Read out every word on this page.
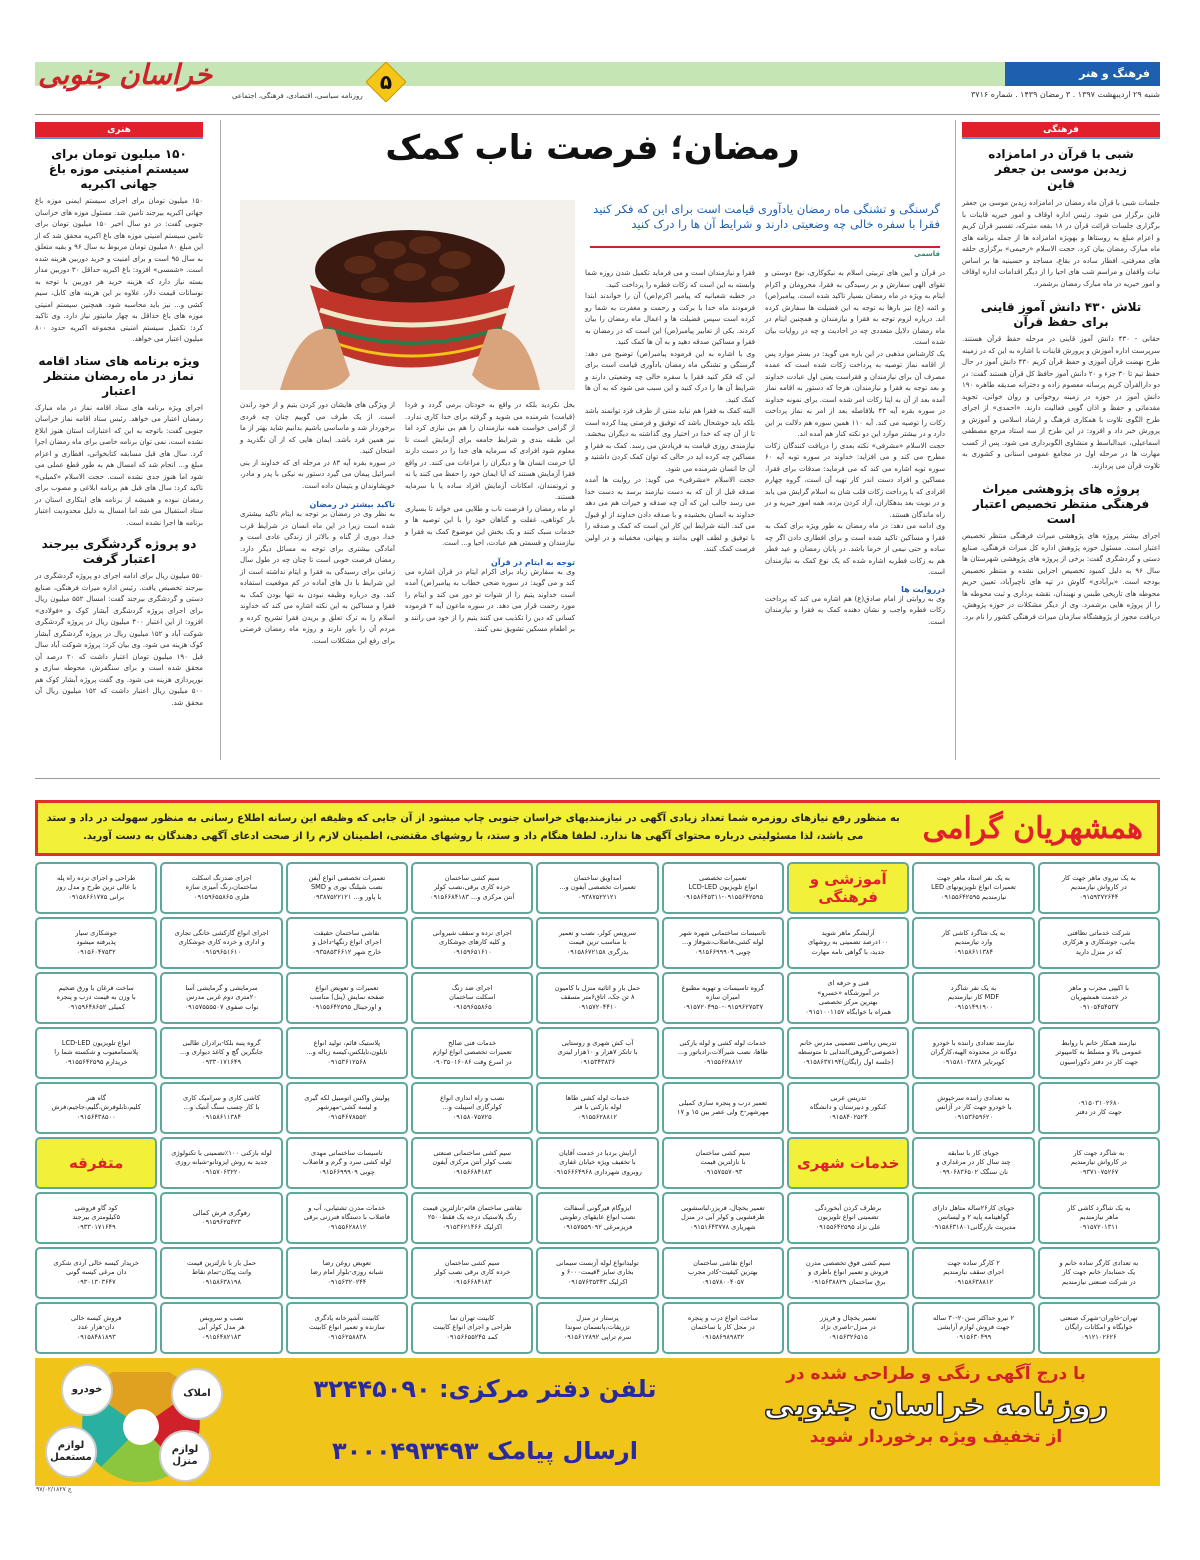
فرهنگ و هنر
شنبه ۲۹ اردیبهشت ۱۳۹۷ . ۳ رمضان ۱۴۳۹ . شماره ۳۷۱۶
خراسان جنوبی
روزنامه سیاسی، اقتصادی، فرهنگی، اجتماعی
۵
فرهنگی
شبی با قرآن در امامزاده زیدبن موسی بن جعفر قاین
جلسات شبی با قرآن ماه رمضان در امامزاده زیدبن موسی بن جعفر قاین برگزار می شود. رئیس اداره اوقاف و امور خیریه قاینات با برگزاری جلسات قرائت قرآن در ۱۸ بقعه متبرکه، تفسیر قرآن کریم و اعزام مبلغ به روستاها و بهویژه امامزاده ها از جمله برنامه های ماه مبارک رمضان بیان کرد. حجت الاسلام «رحیمی» برگزاری حلقه های معرفتی، افطار ساده در بقاع، مساجد و حسینیه ها بر اساس نیات واقفان و مراسم شب های احیا را از دیگر اقدامات اداره اوقاف و امور خیریه در ماه مبارک رمضان برشمرد.
تلاش ۴۳۰ دانش آموز قاینی برای حفظ قرآن
حقانی - ۴۳۰ دانش آموز قاینی در مرحله حفظ قرآن هستند. سرپرست اداره آموزش و پرورش قاینات با اشاره به این که در زمینه طرح نهضت قرآن آموزی و حفظ قرآن کریم ۴۳۰ دانش آموز در حال حفظ تیم تا ۳۰ جزء و ۲۰ دانش آموز حافظ کل قرآن هستند گفت: در دو دارالقرآن کریم پرسانه معصوم زاده و دخترانه صدیقه طاهره ۱۹۰ دانش آموز در حوزه در زمینه روخوانی و روان خوانی، تجوید مقدماتی و حفظ و اذان گویی فعالیت دارند. «احمدی» از اجرای طرح الگوی تلاوت با همکاری فرهنگ و ارشاد اسلامی و آموزش و پرورش خبر داد و افزود: در این طرح از سه استاد مرجع مصطفی اسماعیلی، عبدالباسط و منشاوی الگوبرداری می شود. پس از کسب مهارت ها در مرحله اول در مجامع عمومی استانی و کشوری به تلاوت قرآن می پردازند.
پروژه های پژوهشی میراث فرهنگی منتظر تخصیص اعتبار است
اجرای بیشتر پروژه های پژوهشی میراث فرهنگی منتظر تخصیص اعتبار است. مسئول حوزه پژوهش اداره کل میراث فرهنگی، صنایع دستی و گردشگری گفت: برخی از پروژه های پژوهشی شهرستان ها سال ۹۶ به دلیل کمبود تخصیص اجرایی نشده و منتظر تخصیص بودجه است. «برآبادی» گاوش در تپه های ناچیرآباد، تعیین حریم محوطه های تاریخی طبس و نهبندان، نقشه برداری و ثبت محوطه ها را از پروژه هایی برشمرد. وی از دیگر مشکلات در حوزه پژوهش، دریافت مجوز از پژوهشگاه سازمان میراث فرهنگی کشور را نام برد.
هنری
۱۵۰ میلیون تومان برای سیستم امنیتی موزه باغ جهانی اکبریه
۱۵۰ میلیون تومان برای اجرای سیستم ایمنی موزه باغ جهانی اکبریه بیرجند تامین شد. مسئول موزه های خراسان جنوبی گفت: در دو سال اخیر ۱۵۰ میلیون تومان برای تامین سیستم امنیتی موزه های باغ اکبریه محقق شد که از این مبلغ ۸۰ میلیون تومان مربوط به سال ۹۶ و بقیه متعلق به سال ۹۵ است و برای امنیت و خرید دوربین هزینه شده است. «شمسی» افزود: باغ اکبریه حداقل ۳۰ دوربین مدار بسته نیاز دارد که هزینه خرید هر دوربین با توجه به نوسانات قیمت دلار، علاوه بر این هزینه های کابل، سیم کشی و... نیز باید محاسبه شود. همچنین سیستم امنیتی موزه های باغ حداقل به چهار مانیتور نیاز دارد. وی تاکید کرد: تکمیل سیستم امنیتی مجموعه اکبریه حدود ۸۰۰ میلیون اعتبار می خواهد.
ویژه برنامه های ستاد اقامه نماز در ماه رمضان منتظر اعتبار
اجرای ویژه برنامه های ستاد اقامه نماز در ماه مبارک رمضان اعتبار می خواهد. رئیس ستاد اقامه نماز خراسان جنوبی گفت: باتوجه به این که اعتبارات استان هنوز ابلاغ نشده است، نمی توان برنامه خاصی برای ماه رمضان اجرا کرد. سال های قبل مسابقه کتابخوانی، افطاری و اعزام مبلغ و... انجام شد که امسال هم به طور قطع عملی می شود اما هنوز جدی نشده است. حجت الاسلام «کمیلی» تاکید کرد: سال های قبل هم برنامه ابلاغی و مصوب برای رمضان نبوده و همیشه از برنامه های ابتکاری استان در ستاد استفبال می شد اما امسال به دلیل محدودیت اعتبار برنامه ها اجرا نشده است.
دو پروژه گردشگری بیرجند اعتبار گرفت
۵۵۰ میلیون ریال برای ادامه اجرای دو پروژه گردشگری در بیرجند تخصیص یافت. رئیس اداره میراث فرهنگی، صنایع دستی و گردشگری بیرجند گفت: امسال ۵۵۲ میلیون ریال برای اجرای پروژه گردشگری آبشار کوک و «فولادی» افزود: از این اعتبار ۴۰۰ میلیون ریال در پروژه گردشگری شوکت آباد و ۱۵۲ میلیون ریال در پروژه گردشگری آبشار کوک هزینه می شود. وی بیان کرد: پروژه شوکت آباد سال قبل ۱۹۰ میلیون تومان اعتبار داشت که ۲۰ درصد آن محقق شده است و برای سنگفرش، محوطه سازی و نورپردازی هزینه می شود. وی گفت پروژه آبشار کوک هم ۵۰۰ میلیون ریال اعتبار داشت که ۱۵۲ میلیون ریال آن محقق شد.
رمضان؛ فرصت ناب کمک
گرسنگی و تشنگی ماه رمضان یادآوری قیامت است برای این که فکر کنید فقرا با سفره خالی چه وضعیتی دارند و شرایط آن ها را درک کنید
قاسمی
در قرآن و آیین های تربیتی اسلام به نیکوکاری، نوع دوستی و تقوای الهی سفارش و بر رسیدگی به فقرا، محرومان و اکرام ایتام به ویژه در ماه رمضان بسیار تاکید شده است. پیامبر(ص) و ائمه (ع) نیز بارها به توجه به این فضیلت ها سفارش کرده اند. درباره لزوم توجه به فقرا و نیازمندان و همچنین ایتام در ماه رمضان دلایل متعددی چه در احادیث و چه در روایات بیان شده است.
یک کارشناس مذهبی در این باره می گوید: در بستر موارد پس از اقامه نماز توصیه به پرداخت زکات شده است که عمده مصرف آن برای نیازمندان و فقراست یعنی اول عبادت خداوند و بعد توجه به فقرا و نیازمندان. هرجا که دستور به اقامه نماز آمده بعد از آن به ایتا زکات امر شده است. برای نمونه خداوند در سوره بقره آیه ۴۳ بلافاصله بعد از امر به نماز پرداخت زکات را توصیه می کند. آیه ۱۱۰ همین سوره هم دلالت بر این دارد و در بیشتر موارد این دو نکته کنار هم آمده اند.
حجت الاسلام «مشرفی» نکته بعدی را دریافت کنندگان زکات مطرح می کند و می افزاید: خداوند در سوره توبه آیه ۶۰ سوره توبه اشاره می کند که می فرماید: صدقات برای فقرا، مساکین و افراد دست اندر کار تهیه آن است، گروه چهارم افرادی که با پرداخت زکات قلب شان به اسلام گرایش می یابد و در نوبت بعد بدهکاران، آزاد کردن برده، همه امور خیریه و در راه ماندگان هستند.
وی ادامه می دهد: در ماه رمضان به طور ویژه برای کمک به فقرا و مساکین تاکید شده است و برای افطاری دادن اگر چه ساده و حتی نیمی از خرما باشد. در پایان رمضان و عید فطر هم به زکات فطریه اشاره شده که یک نوع کمک به نیازمندان است.
درروایت ها
وی به روایتی از امام صادق(ع) هم اشاره می کند که پرداخت زکات فطره واجب و نشان دهنده کمک به فقرا و نیازمندان است.
فقرا و نیازمندان است و می فرماید تکمیل شدن روزه شما وابسته به این است که زکات فطره را پرداخت کنید.
در خطبه شعبانیه که پیامبر اکرم(ص) آن را خواندند ابتدا فرمودند ماه خدا با برکت و رحمت و مغفرت به شما رو کرده است سپس فضیلت ها و اعمال ماه رمضان را بیان کردند. یکی از تعابیر پیامبر(ص) این است که در رمضان به فقرا و مساکین صدقه دهید و به آن ها کمک کنید.
وی با اشاره به این فرموده پیامبر(ص) توضیح می دهد: گرسنگی و تشنگی ماه رمضان یادآوری قیامت است برای این که فکر کنید فقرا با سفره خالی چه وضعیتی دارند و شرایط آن ها را درک کنید و این سبب می شود که به آن ها کمک کنید.
البته کمک به فقرا هم نباید منتی از طرف فرد توانمند باشد بلکه باید خوشحال باشد که توفیق و فرصتی پیدا کرده است تا از آن چه که خدا در اختیار وی گذاشته به دیگران ببخشد. نیازمندی روزی قیامت به فریادش می رسد. کمک به فقرا و مساکین چه کرده اید در حالی که توان کمک کردن داشتید و آن جا انسان شرمنده می شود.
حجت الاسلام «مشرفی» می گوید: در روایت ها آمده صدقه قبل از آن که به دست نیازمند برسد به دست خدا می رسد جالب این که آن چه صدقه و خیرات هم می دهد خداوند به انسان بخشیده و با صدقه دادن خداوند از او قبول می کند. البته شرایط این کار این است که کمک و صدقه را با توفیق و لطف الهی بدانند و پنهانی، مخفیانه و در اولین فرصت کمک کنند.
بخل نکردید بلکه در واقع به خودتان برمی گردد و فردا (قیامت) شرمنده می شوید و گرفته برای خدا کاری ندارد. از گرامی خواست همه نیازمندان را هم بی نیازی کرد اما این طبقه بندی و شرایط جامعه برای آزمایش است تا معلوم شود افرادی که سرمایه های خدا را در دست دارند آیا حرمت انسان ها و دیگران را مراعات می کنند. در واقع فقرا آزمایش هستند که آیا ایمان خود را حفظ می کنند یا نه و ثروتمندان، امکانات آزمایش افراد ساده یا با سرمایه هستند.
او ماه رمضان را فرصت ناب و طلایی می خواند تا بسیاری بار کوتاهی، غفلت و گناهان خود را با این توصیه ها و خدمات سبک کنند و یک بخش این موضوع کمک به فقرا و نیازمندان و قسمتی هم عبادت، احیا و... است.
توجه به ایتام در قرآن
وی به سفارش زیاد برای اکرام ایتام در قرآن اشاره می کند و می گوید: در سوره ضحی خطاب به پیامبر(ص) آمده است خداوند یتیم را از شوات تو دور می کند و ایتام را مورد رحمت قرار می دهد. در سوره ماعون آیه ۲ فرموده کسانی که دین را تکذیب می کنند یتیم را از خود می رانند و بر اطعام مسکین تشویق نمی کنند.
از ویژگی های هایشان دور کردن یتیم و از خود راندن است. از یک طرف می گوییم چنان چه فردی برخوردار شد و ماساسی باشیم بدانیم شاید بهتر از ما نیز همین فرد باشد. ایمان هایی که از آن نگذرید و امتحان کنید.
در سوره بقره آیه ۸۳ در مرحله ای که خداوند از بنی اسرائیل پیمان می گیرد دستور به نیکی با پدر و مادر، خویشاوندان و یتیمان داده است.
تاکید بیشتر در رمضان
به نظر وی در رمضان بر توجه به ایتام تاکید بیشتری شده است زیرا در این ماه انسان در شرایط قرب خدا، دوری از گناه و بالاتر از زندگی عادی است و آمادگی بیشتری برای توجه به مسائل دیگر دارد. رمضان فرصت خوبی است تا چنان چه در طول سال زمانی برای رسیدگی به فقرا و ایتام نداشته است از این شرایط با دل های آماده در کم موقعیت استفاده کند. وی درباره وظیفه نبودن به تنها بودن کمک به فقرا و مساکین به این نکته اشاره می کند که خداوند اسلام را به ترک تعلق و بریدن فقرا تشریح کرده و مردم آن را باور دارند و روزه ماه رمضان فرصتی برای رفع این مشکلات است.
همشهریان گرامی
به منظور رفع نیازهای روزمره شما تعداد زیادی آگهی در نیازمندیهای خراسان جنوبی چاپ میشود از آن جایی که وظیفه این رسانه اطلاع رسانی به منظور سهولت در داد و ستد می باشد، لذا مسئولیتی درباره محتوای آگهی ها ندارد. لطفا هنگام داد و ستد، با روشهای مقتضی، اطمینان لازم را از صحت ادعای آگهی دهندگان به دست آورید.
به یک نیروی ماهر جهت کار
در کارواش نیازمندیم
۰۹۱۵۹۳۷۲۶۴۴
به یک نفر استاد ماهر جهت
تعمیرات انواع تلویزیونهای LED
نیازمندیم ۰۹۱۵۵۶۴۲۵۹۵
آموزشی و فرهنگی
تعمیرات تخصصی
انواع تلویزیون LCD-LED
۰۹۱۵۸۶۴۵۳۱۱-۰۹۱۵۵۶۴۲۵۹۵
امداویق ساختمان
تعمیرات تخصصی آیفون و...
۰۹۳۸۷۵۲۲۱۲۱
سیم کشی ساختمان
خرده کاری برقی،نصب کولر
آنتن مرکزی و... ۰۹۱۵۶۶۸۴۱۸۳
تعمیرات تخصصی انواع آیفن
نصب شیلنگ نوری و SMD
با پاور و... ۰۹۳۸۷۵۲۲۱۲۱
اجرای ضدزنگ اسکلت
ساختمان،رنگ آمیزی سازه
فلزی ۰۹۱۵۹۶۵۵۸۶۵
طراحی و اجرای نرده راه پله
با عالی ترین طرح و مدل روز
برانی ۰۹۱۵۸۶۶۱۷۷۵
شرکت خدماتی نظافتی
بنایی، جوشکاری و هرکاری
که در منزل دارید
به یک شاگرد کاشی کار
وارد نیازمندیم
۰۹۱۵۸۶۱۱۳۸۴
آرایشگر ماهر شوید
۱۰۰درصد تضمینی به روشهای
جدید، با گواهی نامه مهارت
تاسیسات ساختمانی شهره شهر
لوله کشی،فاضلاب،شوفاژ و...
چوبی ۰۹۱۵۶۶۹۹۹۰۹
سرویس کولر، نصب و تعمیر
با مناسب ترین قیمت
بذرگری ۰۹۱۵۸۶۷۲۱۵۸
اجرای نرده و سقف شیروانی
و کلیه کارهای جوشکاری
۰۹۱۵۹۶۵۱۶۱۰
نقاشی ساختمان حقیقت
اجرای انواع رنگها-داخل و
خارج شهر ۰۹۳۵۸۵۳۶۶۱۲
اجرای انواع گازکشی خانگی تجاری
و اداری و خرده کاری جوشکاری
۰۹۱۵۹۶۵۱۶۱۰
جوشکاری سیار
پذیرفته میشود
۰۹۱۵۶۰۴۷۵۳۲
با اکیپی مجرب و ماهر
در خدمت همشهریان
۰۹۱۰۵۴۵۴۵۳۷
به یک نفر شاگرد
MDF کار نیازمندیم
۰۹۱۵۱۴۹۱۹۰۰
فنی و حرفه ای
در آموزشگاه «خسرو»
بهترین مرکز تخصصی
همراه با خوابگاه ۰۹۱۵۱۰۰۱۱۵۷
گروه تاسیسات و تهویه مطبوع
امیران سازه
۰۹۱۵۷۲۰۴۹۵۰-۰۹۱۵۹۶۲۷۵۳۷
حمل بار و اثاثیه منزل با کامیون
۸ تن جک، اتاق۶متر مسقف
۰۹۱۵۷۲۰۴۴۱۰
اجرای ضد زنگ
اسکلت ساختمان
۰۹۱۵۹۶۵۵۸۶۵
تعمیرات و تعویض انواع
صفحه نمایش (پنل) مناسب
و اورجینال ۰۹۱۵۵۶۴۲۵۹۵
سرمایشی و گرمایشی آسا
۲۰متری دوم غربی مدرس
نواب صفوی ۰۹۱۵۷۵۵۵۵۰۷
ساخت فرغان با ورق ضخیم
با وزن به قیمت درب و پنجره
کمیلی ۰۹۱۵۹۶۴۸۶۵۲
نیازمند همکار خانم با روابط
عمومی بالا و مسلط به کامپیوتر
جهت کار در دفتر دکوراسیون
نیازمند تعدادی راننده با خودرو
دوگانه در محدوده الهیه،کارگران
کویرتایر ۰۹۱۵۸۱۰۳۸۲۸
تدریس ریاضی تضمینی مدرس خانم
(خصوصی-گروهی)ابتدایی تا متوسطه
(جلسه اول رایگان)۰۹۱۵۸۶۳۷۱۹۴
خدمات لوله کشی و لوله بازکنی
طاها، نصب شیرآلات،رادیاتور و...
۰۹۱۵۵۶۲۸۸۱۲
آب کش شهری و روستایی
با تانکر ۷هزار و ۱۰هزار لیتری
۰۹۱۵۳۴۳۸۳۶
خدمات فنی صالح
تعمیرات تخصصی انواع لوازم
در اسرع وقت ۰۹۰۳۵۰۱۶۰۸۶
پلاستیک قائم، تولید انواع
نایلون،نایلکس،کیسه زباله و...
۰۹۱۵۳۶۱۲۵۶۸
گروه پنبه بلکا-برادران طالبی
جابگزین گچ و کاغذ دیواری و...
۰۹۳۳۰۱۷۱۶۴۹
انواع تلویزیون LCD-LED
پلاسمامعیوب و شکسته شما را
خریدارم ۰۹۱۵۵۶۴۲۵۹۵
۰۹۱۵۰۳۱۰۲۶۸۰
جهت کار در دفتر
به تعدادی راننده سرخپوش
با خودرو جهت کار در آژانس
۰۹۱۵۳۶۵۹۶۲۰
تدریس عربی
کنکور و دبیرستان و دانشگاه
۰۹۱۵۸۴۰۲۵۲۴
تعمیر درب و پنجره سازی کمیلی
مهرشهر-خ ولی عصر بین ۱۵ و ۱۷
خدمات لوله کشی طاها
لوله بازکنی با فنر
۰۹۱۵۵۶۲۸۸۱۲
نصب و راه اندازی انواع
کولرگازی اسپیلت و...
۰۹۱۵۸۰۷۵۷۲۵
پولیش واکس اتومبیل لکه گیری
و لیسه کشی-مهرشهر
۰۹۱۵۴۶۷۸۵۵۲
کاشی کاری و سرامیک کاری
با کار چسب سنگ آنتیک و...
۰۹۱۵۸۶۱۱۳۸۴
گاه هنر
کلیم،تابلوفرش،گلیم،جاجیم،فرش
۰۹۱۵۶۴۳۸۵۰۰
به شاگرد جهت کار
در کارواش نیازمندیم
۰۹۳۷۱۰۷۵۲۶۷
جویای کار با سابقه
چند سال کار در مرغداری و
نان سنگک ۰۹۹۰۶۸۳۶۵۰۲
خدمات شهری
سیم کشی ساختمان
با نازلترین قیمت
۰۹۱۵۷۵۵۷۰۹۳
آرایش بردیا در خدمت آقایان
با تخفیف ویژه خیابان غفاری
روبروی شهرداری ۰۹۱۵۶۶۶۴۹۶۸
سیم کشی ساختمانی صنعتی
نصب کولر آنتن مرکزی آیفون
۰۹۱۵۶۶۸۴۱۸۳
تاسیسات ساختمانی مهدی
لوله کشی سرد و گرم و فاضلاب
چوبی ۰۹۱۵۶۶۹۹۹۰۹
لوله بازکنی ۱۰۰٪تضمینی با تکنولوژی
جدید به روش ایزوتانو-شبانه روزی
۰۹۱۵۷۰۶۳۲۲۰
متفرقه
به یک شاگرد کاشی کار
ماهر نیازمندیم
۰۹۱۵۷۲۰۱۳۱۱
جویای کار۲۶ساله متاهل دارای
گواهینامه پایه ۲ و لیسانس
مدیریت بازرگانی۰۹۱۵۸۶۳۱۸۰۱
برطرف کردن آبخوردگی
تضمینی انواع تلویزیون
علی نژاد ۰۹۱۵۵۶۴۲۵۹۵
تعمیر یخچال، فریزر،لباسشویی
ظرفشویی و کولر آبی در منزل
شهریاری ۰۹۱۵۱۶۴۳۷۷۸
ایزوگام قیرگونی آسفالت
نصب انواع عایقهای رطوبتی
فریزمرغی ۰۹۱۵۷۵۵۹۰۹۲
نقاشی ساختمان قائم-نازلترین قیمت
رنگ پلاستیک درجه یک فقط۲۵۰۰
اکرلیک ۰۹۱۵۳۶۲۱۴۶۶
خدمات مدرن تشتیابی، آب و
فاضلاب با دستگاه فنرزنی برقی
۰۹۱۵۵۶۲۸۸۱۲
رفوگری فرش کمالی
۰۹۱۵۹۶۲۵۴۲۳
کود گاو فروشی
۵کیلومتری بیرجند
۰۹۳۳۰۱۷۱۶۴۹
به تعدادی کارگر ساده خانم و
یک حسابدار خانم جهت کار
در شرکت صنعتی نیازمندیم
۲ کارگر ساده جهت
اجرای سقف نیازمندیم
۰۹۱۵۸۶۳۸۸۱۲
سیم کشی فوق تخصصی مدرن
فروش و تعمیر انواع باطری و
برق ساختمان ۰۹۱۵۶۳۸۸۲۹
انواع نقاشی ساختمان
بهترین کیفیت-کادر مجرب
۰۹۱۵۷۸۰۰۴۰۵۷
تولیدانواع لوله آزبست سیمانی
بخاری سایز ۴قیمت۶۰۰۰ و
اکرلیک ۰۹۱۵۷۶۳۵۳۴۳
سیم کشی ساختمان
خرده کاری برقی نصب کولر
۰۹۱۵۶۶۸۴۱۸۳
تعویض روغن رضا
شبانه روزی-بلوار امام رضا
۰۹۱۵۶۳۲۰۲۴۴
حمل بار با نازلترین قیمت
وانت پیکان-تمام نقاط
۰۹۱۵۸۶۳۸۱۹۸
خریدار کیسه خالی آردی شکری
دان مرغی کیسه گونی
۰۹۳۰۱۳۰۳۶۴۷
تهران-خاوران-شهرک صنعتی
خوابگاه و امکانات رایگان
۰۹۱۲۱۰۲۶۲۶
۲ نیرو حداکثر سن۲۰-۳۰ ساله
جهت فروش لوازم آرایشی
۰۹۱۵۶۳۰۴۹۹
تعمیر یخچال و فریزر
در منزل-ناصری نژاد
۰۹۱۵۶۳۲۶۵۱۵
ساخت انواع درب و پنجره
در محل کار یا ساختمان
۰۹۱۵۸۶۹۸۹۸۳۲
پرستار در منزل
تزریقات،پانسمان سوندا
سرم تراپی ۰۹۱۵۶۱۲۸۹۲
کابینت تهران نما
طراحی و اجرای انواع کابینت
کمد ۰۹۱۵۶۶۵۵۲۴۵
کابینت آشپزخانه یادگری
سازنده و تعمیر انواع کابینت
۰۹۱۵۶۲۵۸۸۳۸
نصب و سرویس
هر مدل کولر آبی
۰۹۱۵۶۴۸۲۱۸۳
فروش کیسه خالی
دان-هزار عدد
۰۹۱۵۸۴۸۱۸۹۳
با درج آگهی رنگی و طراحی شده در
روزنامه خراسان جنوبی
از تخفیف ویژه برخوردار شوید
تلفن دفتر مرکزی: ۳۲۴۴۵۰۹۰
ارسال پیامک ۳۰۰۰۴۹۳۴۹۳
املاک
خودرو
لوازم
مستعمل
لوازم
منزل
۹۷/۰۲/۱۸۲۷ ج
